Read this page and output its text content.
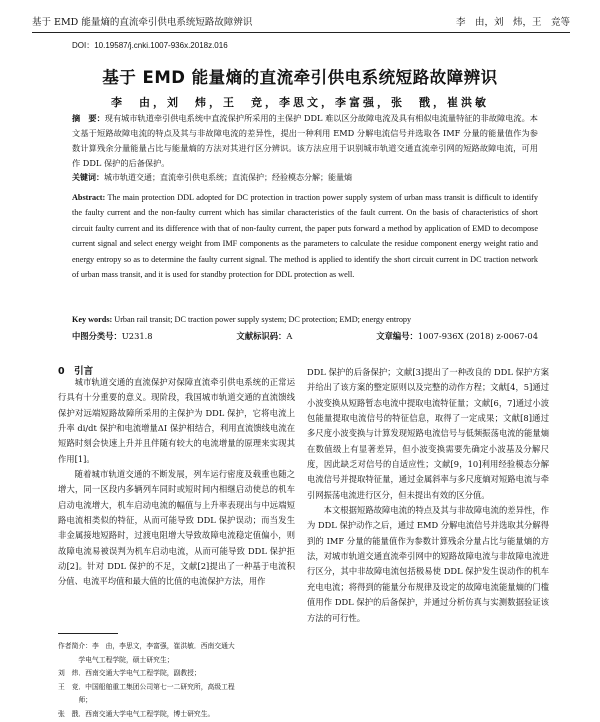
基于 EMD 能量熵的直流牵引供电系统短路故障辨识	李　由，刘　炜，王　竞等
DOI：10.19587/j.cnki.1007-936x.2018z.016
基于 EMD 能量熵的直流牵引供电系统短路故障辨识
李　由，刘　炜，王　竞，李思文，李富强，张　戬，崔洪敏
摘　要：现有城市轨道牵引供电系统中直流保护所采用的主保护 DDL 难以区分故障电流及具有相似电流量特征的非故障电流。本文基于短路故障电流的特点及其与非故障电流的差异性，提出一种利用 EMD 分解电流信号并选取各 IMF 分量的能量值作为参数计算残余分量能量占比与能量熵的方法对其进行区分辨识。该方法应用于识别城市轨道交通直流牵引网的短路故障电流，可用作 DDL 保护的后备保护。
关键词：城市轨道交通；直流牵引供电系统；直流保护；经验模态分解；能量熵
Abstract: The main protection DDL adopted for DC protection in traction power supply system of urban mass transit is difficult to identify the faulty current and the non-faulty current which has similar characteristics of the fault current. On the basis of characteristics of short circuit faulty current and its difference with that of non-faulty current, the paper puts forward a method by application of EMD to decompose current signal and select energy weight from IMF components as the parameters to calculate the residue component energy weight ratio and energy entropy so as to determine the faulty current signal. The method is applied to identify the short circuit current in DC traction network of urban mass transit, and it is used for standby protection for DDL protection as well.
Key words: Urban rail transit; DC traction power supply system; DC protection; EMD; energy entropy
中图分类号：U231.8	文献标识码：A	文章编号：1007-936X (2018) z-0067-04
0　引言

城市轨道交通的直流保护对保障直流牵引供电系统的正常运行具有十分重要的意义。现阶段，我国城市轨道交通的直流馈线保护对远端短路故障所采用的主保护为 DDL 保护，它将电流上升率 di/dt 保护和电流增量ΔI 保护相结合，利用直流馈线电流在短路时刻会快速上升并且伴随有较大的电流增量的原理来实现其作用[1]。

随着城市轨道交通的不断发展，列车运行密度及载重也随之增大，同一区段内多辆列车同时或短时间内相继启动使总的机车启动电流增大，机车启动电流的幅值与上升率表现出与中远端短路电流相类似的特征，从而可能导致 DDL 保护误动；而当发生非金属接地短路时，过渡电阻增大导致故障电流稳定值偏小，则故障电流易被误判为机车启动电流，从而可能导致 DDL 保护拒动[2]。针对 DDL 保护的不足，文献[2]提出了一种基于电流积分值、电流平均值和最大值的比值的电流保护方法，用作

DDL 保护的后备保护；文献[3]提出了一种改良的 DDL 保护方案并给出了该方案的整定原则以及完整的动作方程；文献[4，5]通过小波变换从短路暂态电流中提取电流特征量；文献[6，7]通过小波包能量提取电流信号的特征信息，取得了一定成果；文献[8]通过多尺度小波变换与计算发现短路电流信号与低频振荡电流的能量熵在数值级上有显著差异，但小波变换需要先确定小波基及分解尺度，因此缺乏对信号的自适应性；文献[9，10]利用经验模态分解电流信号并提取特征量，通过金属斜率与多尺度熵对短路电流与牵引网振荡电流进行区分，但未提出有效的区分值。

本文根据短路故障电流的特点及其与非故障电流的差异性，作为 DDL 保护动作之后，通过 EMD 分解电流信号并选取其分解得到的 IMF 分量的能量值作为参数计算残余分量占比与能量熵的方法，对城市轨道交通直流牵引网中的短路故障电流与非故障电流进行区分，其中非故障电流包括极易使 DDL 保护发生误动作的机车充电电流；将得到的能量分布规律及设定的故障电流能量熵的门槛值用作 DDL 保护的后备保护，并通过分析仿真与实测数据验证该方法的可行性。

作者简介：李　由，李思文，李富强，崔洪敏．西南交通大
　　　学电气工程学院，硕士研究生；
刘　炜．西南交通大学电气工程学院，副教授；
王　竞．中国船舶重工集团公司第七一二研究所，高级工程
　　　师；
张　戬．西南交通大学电气工程学院，博士研究生。
